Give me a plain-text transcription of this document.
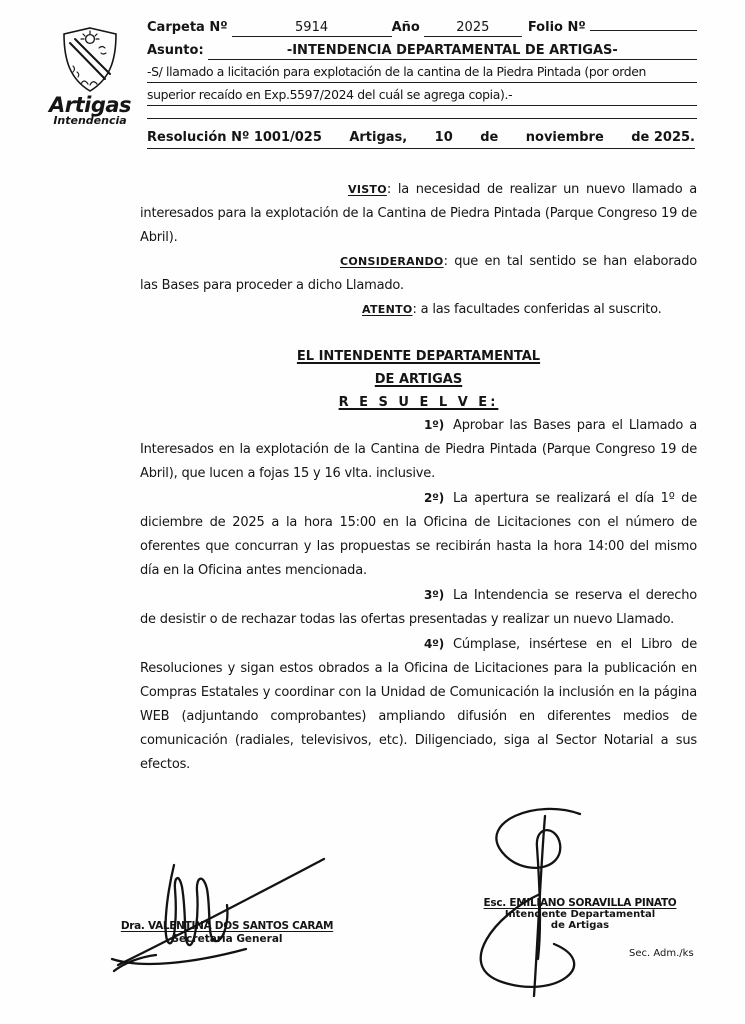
Artigas
Intendencia
Carpeta Nº	5914	Año	2025	Folio Nº
Asunto:	-INTENDENCIA DEPARTAMENTAL DE ARTIGAS-
-S/ llamado a licitación para explotación de la cantina de la Piedra Pintada (por orden
superior recaído en Exp.5597/2024 del cuál se agrega copia).-
Resolución Nº 1001/025 Artigas, 10 de noviembre de 2025.

VISTO: la necesidad de realizar un nuevo llamado a interesados para la explotación de la Cantina de Piedra Pintada (Parque Congreso 19 de Abril).

CONSIDERANDO: que en tal sentido se han elaborado las Bases para proceder a dicho Llamado.

ATENTO: a las facultades conferidas al suscrito.

EL INTENDENTE DEPARTAMENTAL
DE ARTIGAS
R E S U E L V E:

1º) Aprobar las Bases para el Llamado a Interesados en la explotación de la Cantina de Piedra Pintada (Parque Congreso 19 de Abril), que lucen a fojas 15 y 16 vlta. inclusive.

2º) La apertura se realizará el día 1º de diciembre de 2025 a la hora 15:00 en la Oficina de Licitaciones con el número de oferentes que concurran y las propuestas se recibirán hasta la hora 14:00 del mismo día en la Oficina antes mencionada.

3º) La Intendencia se reserva el derecho de desistir o de rechazar todas las ofertas presentadas y realizar un nuevo Llamado.

4º) Cúmplase, insértese en el Libro de Resoluciones y sigan estos obrados a la Oficina de Licitaciones para la publicación en Compras Estatales y coordinar con la Unidad de Comunicación la inclusión en la página WEB (adjuntando comprobantes) ampliando difusión en diferentes medios de comunicación (radiales, televisivos, etc). Diligenciado, siga al Sector Notarial a sus efectos.

Dra. VALENTINA DOS SANTOS CARAM
Secretaria General
Esc. EMILIANO SORAVILLA PINATO
Intendente Departamental
de Artigas
Sec. Adm./ks
